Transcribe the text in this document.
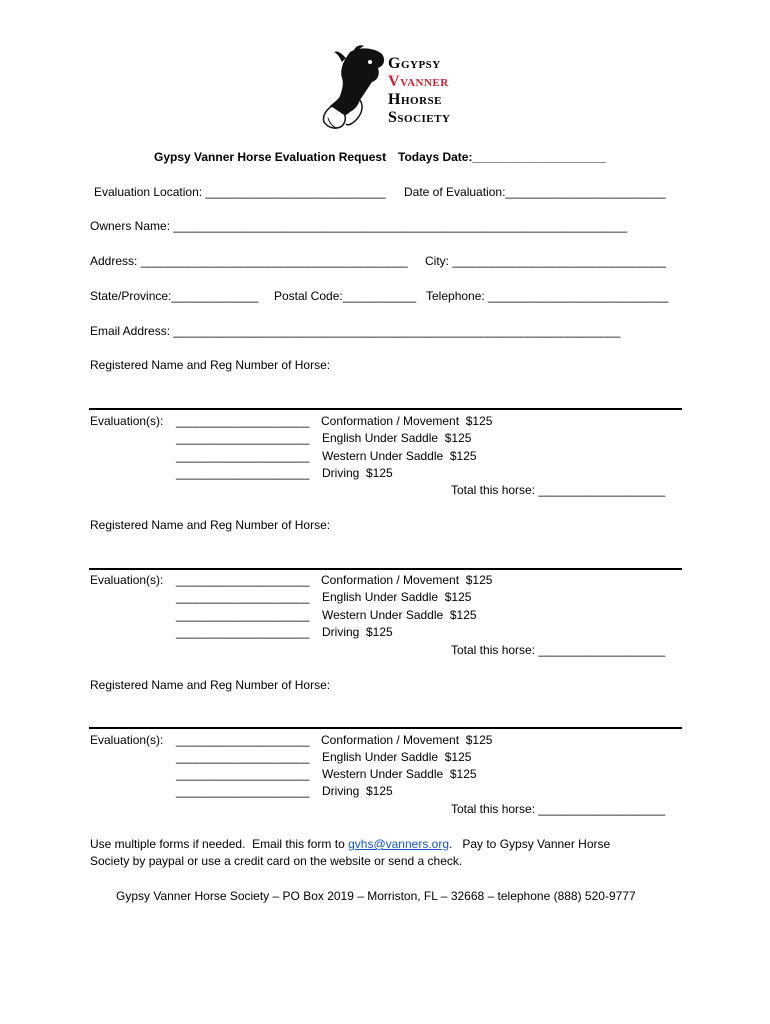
GGYPSY
VVANNER
HHORSE
SSOCIETY
Gypsy Vanner Horse Evaluation Request Todays Date:____________________
Evaluation Location: ___________________________ Date of Evaluation:________________________
Owners Name: ____________________________________________________________________
Address: ________________________________________ City: ________________________________
State/Province:_____________ Postal Code:___________ Telephone: ___________________________
Email Address: ___________________________________________________________________
Registered Name and Reg Number of Horse:
Evaluation(s): ____________________ Conformation / Movement  $125
____________________ English Under Saddle  $125
____________________ Western Under Saddle  $125
____________________ Driving  $125
Total this horse: ___________________
Registered Name and Reg Number of Horse:
Evaluation(s): ____________________ Conformation / Movement  $125
____________________ English Under Saddle  $125
____________________ Western Under Saddle  $125
____________________ Driving  $125
Total this horse: ___________________
Registered Name and Reg Number of Horse:
Evaluation(s): ____________________ Conformation / Movement  $125
____________________ English Under Saddle  $125
____________________ Western Under Saddle  $125
____________________ Driving  $125
Total this horse: ___________________
Use multiple forms if needed.  Email this form to gvhs@vanners.org.   Pay to Gypsy Vanner Horse
Society by paypal or use a credit card on the website or send a check.
Gypsy Vanner Horse Society – PO Box 2019 – Morriston, FL – 32668 – telephone (888) 520-9777
